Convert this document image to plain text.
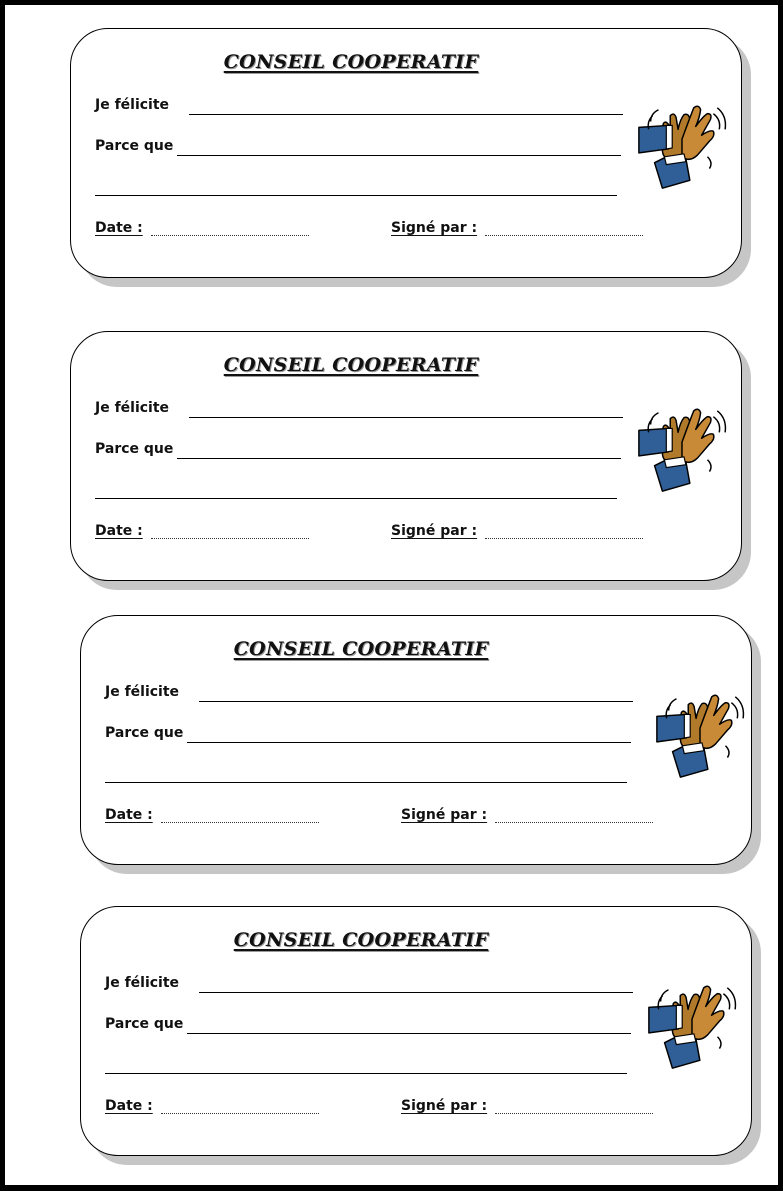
CONSEIL COOPERATIF
Je félicite
Parce que
Date :	Signé par :
CONSEIL COOPERATIF
Je félicite
Parce que
Date :	Signé par :
CONSEIL COOPERATIF
Je félicite
Parce que
Date :	Signé par :
CONSEIL COOPERATIF
Je félicite
Parce que
Date :	Signé par :
